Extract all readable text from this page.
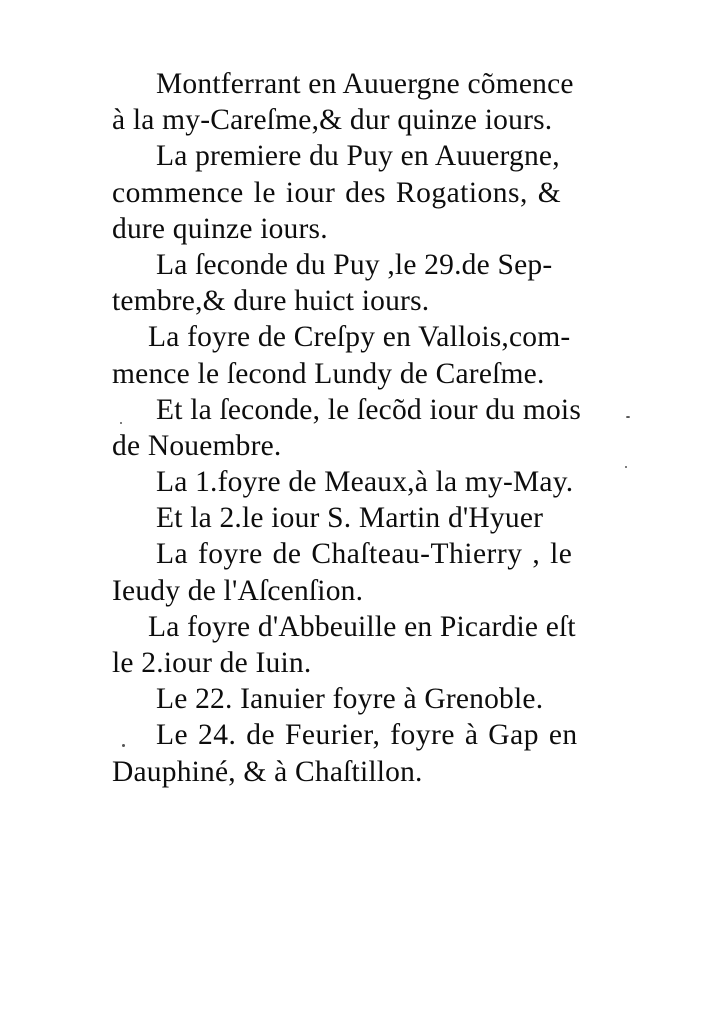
Montferrant en Auuergne cõmence
à la my-Careſme,& dur quinze iours.
La premiere du Puy en Auuergne,
commence le iour des Rogations, &
dure quinze iours.
La ſeconde du Puy ,le 29.de Sep-
tembre,& dure huict iours.
La foyre de Creſpy en Vallois,com-
mence le ſecond Lundy de Careſme.
Et la ſeconde, le ſecõd iour du mois
de Nouembre.
La 1.foyre de Meaux,à la my-May.
Et la 2.le iour S. Martin d'Hyuer
La foyre de Chaſteau-Thierry , le
Ieudy de l'Aſcenſion.
La foyre d'Abbeuille en Picardie eſt
le 2.iour de Iuin.
Le 22. Ianuier foyre à Grenoble.
Le 24. de Feurier, foyre à Gap en
Dauphiné, & à Chaſtillon.
